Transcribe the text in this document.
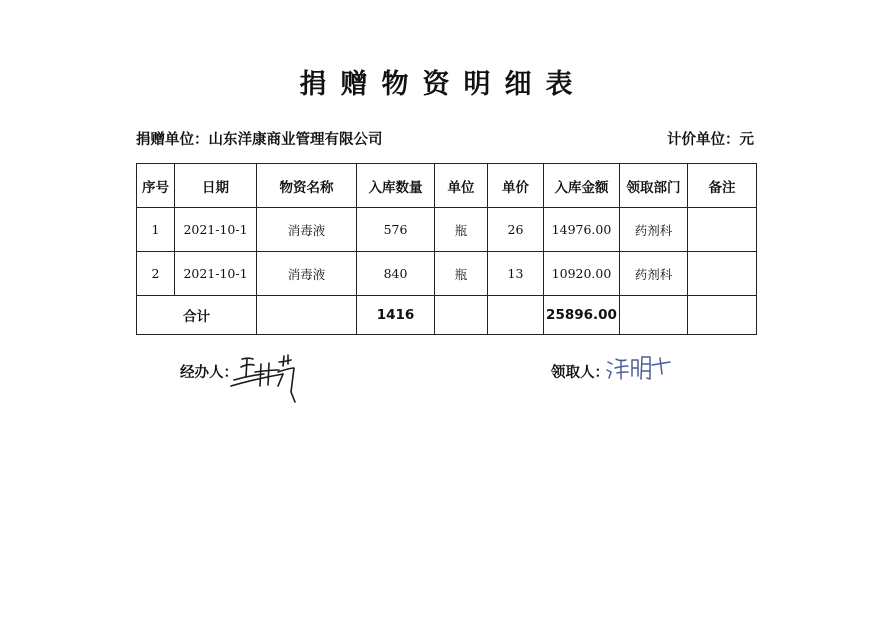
捐赠物资明细表
捐赠单位：山东洋康商业管理有限公司	计价单位：元
序号	日期	物资名称	入库数量	单位	单价	入库金额	领取部门	备注
1	2021-10-1	消毒液	576	瓶	26	14976.00	药剂科	
2	2021-10-1	消毒液	840	瓶	13	10920.00	药剂科	
合计			1416			25896.00		
经办人：	领取人：
